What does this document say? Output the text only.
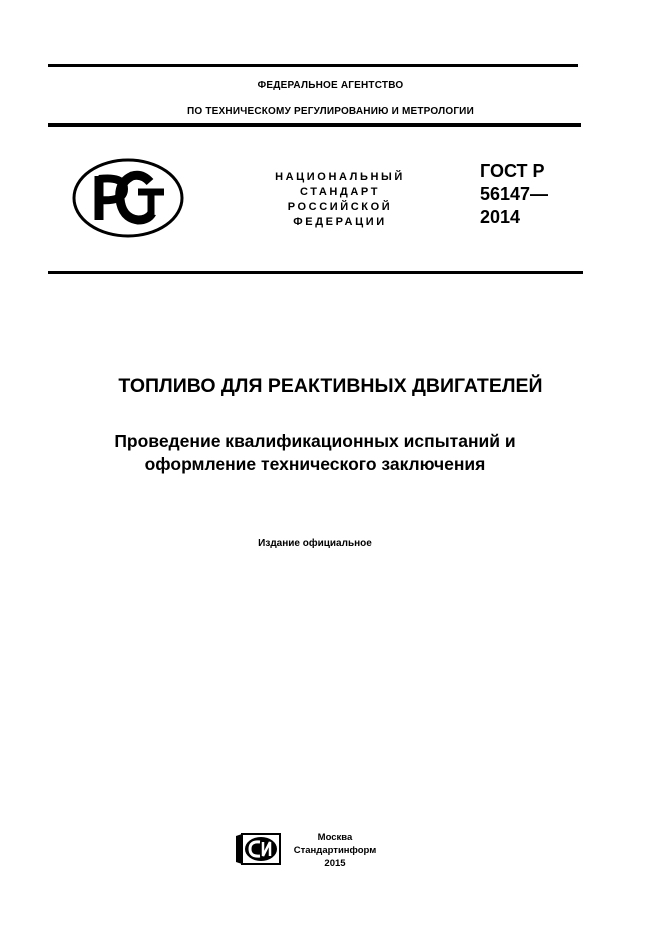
ФЕДЕРАЛЬНОЕ АГЕНТСТВО
ПО ТЕХНИЧЕСКОМУ РЕГУЛИРОВАНИЮ И МЕТРОЛОГИИ
НАЦИОНАЛЬНЫЙ
СТАНДАРТ
РОССИЙСКОЙ
ФЕДЕРАЦИИ
ГОСТ Р
56147—
2014
ТОПЛИВО ДЛЯ РЕАКТИВНЫХ ДВИГАТЕЛЕЙ
Проведение квалификационных испытаний и
оформление технического заключения
Издание официальное
Москва
Стандартинформ
2015
